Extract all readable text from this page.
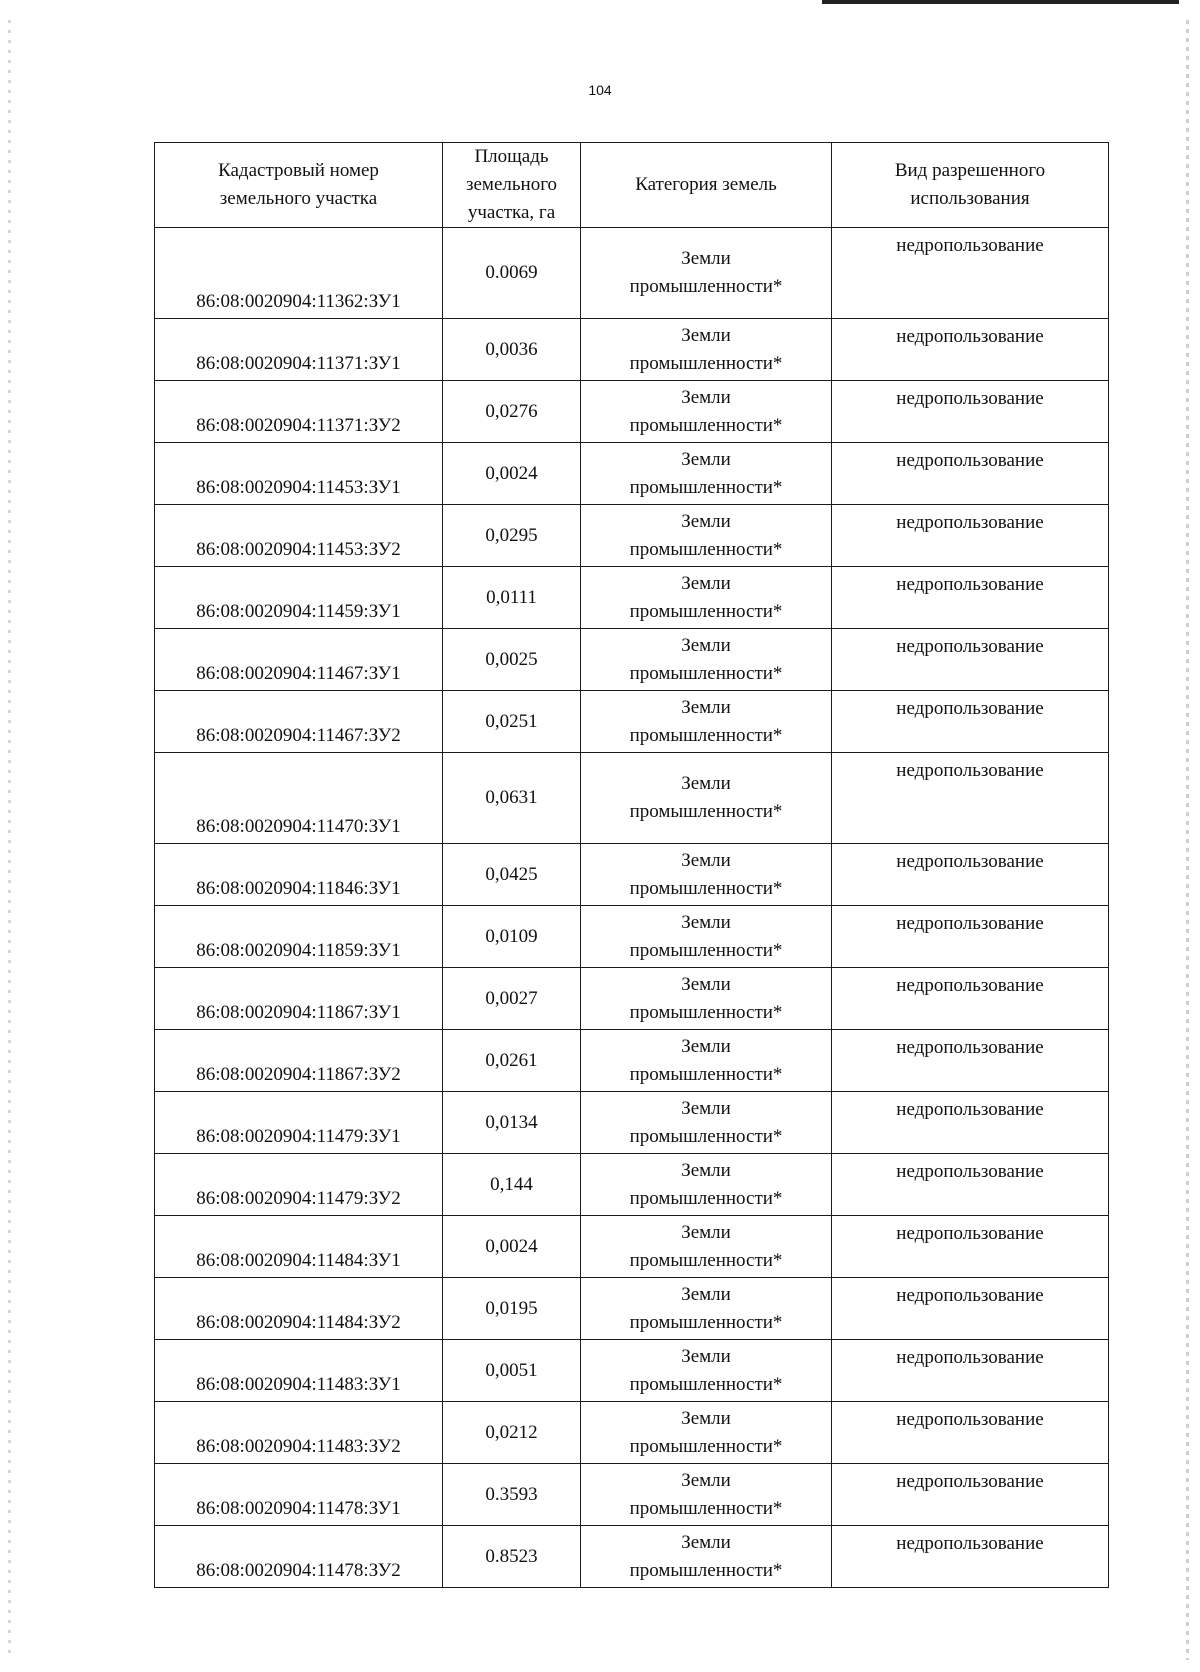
104
Кадастровый номер
земельного участка	Площадь
земельного
участка, га	Категория земель	Вид разрешенного
использования
86:08:0020904:11362:ЗУ1	0.0069	Земли
промышленности*	недропользование
86:08:0020904:11371:ЗУ1	0,0036	Земли
промышленности*	недропользование
86:08:0020904:11371:ЗУ2	0,0276	Земли
промышленности*	недропользование
86:08:0020904:11453:ЗУ1	0,0024	Земли
промышленности*	недропользование
86:08:0020904:11453:ЗУ2	0,0295	Земли
промышленности*	недропользование
86:08:0020904:11459:ЗУ1	0,0111	Земли
промышленности*	недропользование
86:08:0020904:11467:ЗУ1	0,0025	Земли
промышленности*	недропользование
86:08:0020904:11467:ЗУ2	0,0251	Земли
промышленности*	недропользование
86:08:0020904:11470:ЗУ1	0,0631	Земли
промышленности*	недропользование
86:08:0020904:11846:ЗУ1	0,0425	Земли
промышленности*	недропользование
86:08:0020904:11859:ЗУ1	0,0109	Земли
промышленности*	недропользование
86:08:0020904:11867:ЗУ1	0,0027	Земли
промышленности*	недропользование
86:08:0020904:11867:ЗУ2	0,0261	Земли
промышленности*	недропользование
86:08:0020904:11479:ЗУ1	0,0134	Земли
промышленности*	недропользование
86:08:0020904:11479:ЗУ2	0,144	Земли
промышленности*	недропользование
86:08:0020904:11484:ЗУ1	0,0024	Земли
промышленности*	недропользование
86:08:0020904:11484:ЗУ2	0,0195	Земли
промышленности*	недропользование
86:08:0020904:11483:ЗУ1	0,0051	Земли
промышленности*	недропользование
86:08:0020904:11483:ЗУ2	0,0212	Земли
промышленности*	недропользование
86:08:0020904:11478:ЗУ1	0.3593	Земли
промышленности*	недропользование
86:08:0020904:11478:ЗУ2	0.8523	Земли
промышленности*	недропользование
